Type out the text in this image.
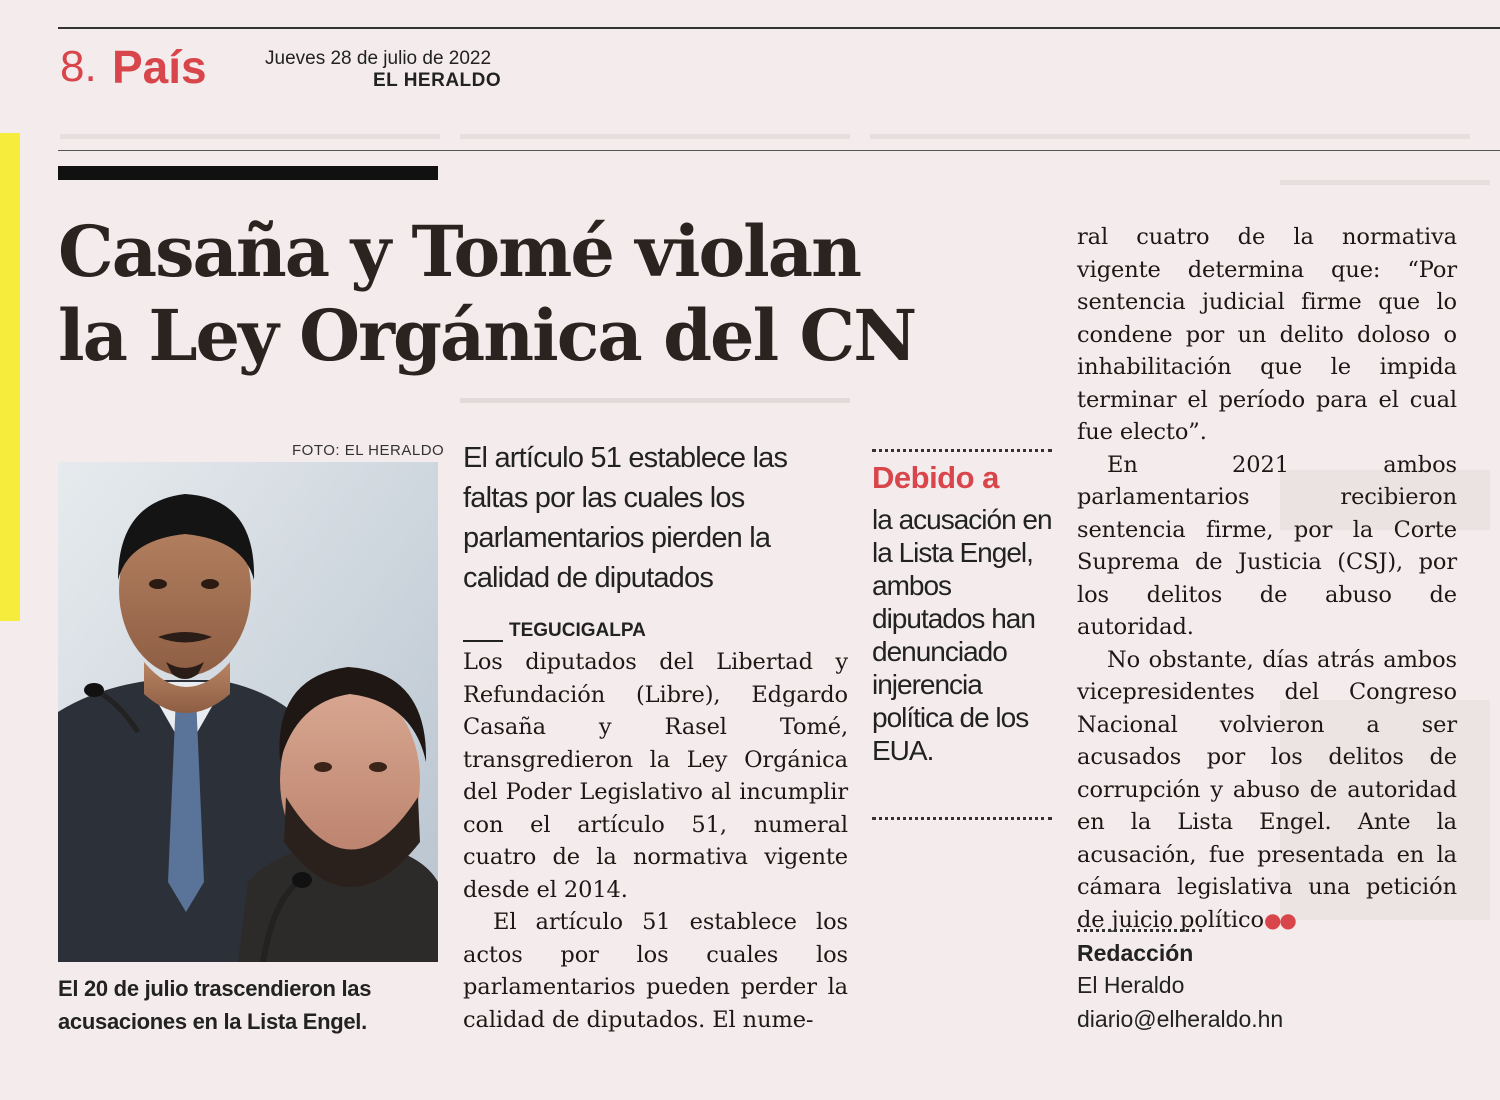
8. País	Jueves 28 de julio de 2022
EL HERALDO
Casaña y Tomé violan
la Ley Orgánica del CN
FOTO: EL HERALDO

El 20 de julio trascendieron las
acusaciones en la Lista Engel.

El artículo 51 establece las faltas por las cuales los parlamentarios pierden la calidad de diputados

TEGUCIGALPA

Los diputados del Libertad y Refundación (Libre), Edgardo Casaña y Rasel Tomé, transgredieron la Ley Orgánica del Poder Legislativo al incumplir con el artículo 51, numeral cuatro de la normativa vigente desde el 2014.

El artículo 51 establece los actos por los cuales los parlamentarios pueden perder la calidad de diputados. El nume-

Debido a

la acusación en la Lista Engel, ambos diputados han denunciado injerencia política de los EUA.

ral cuatro de la normativa vigente determina que: “Por sentencia judicial firme que lo condene por un delito doloso o inhabilitación que le impida terminar el período para el cual fue electo”.

En 2021 ambos parlamentarios recibieron sentencia firme, por la Corte Suprema de Justicia (CSJ), por los delitos de abuso de autoridad.

No obstante, días atrás ambos vicepresidentes del Congreso Nacional volvieron a ser acusados por los delitos de corrupción y abuso de autoridad en la Lista Engel. Ante la acusación, fue presentada en la cámara legislativa una petición de juicio político●●

Redacción
El Heraldo
diario@elheraldo.hn
